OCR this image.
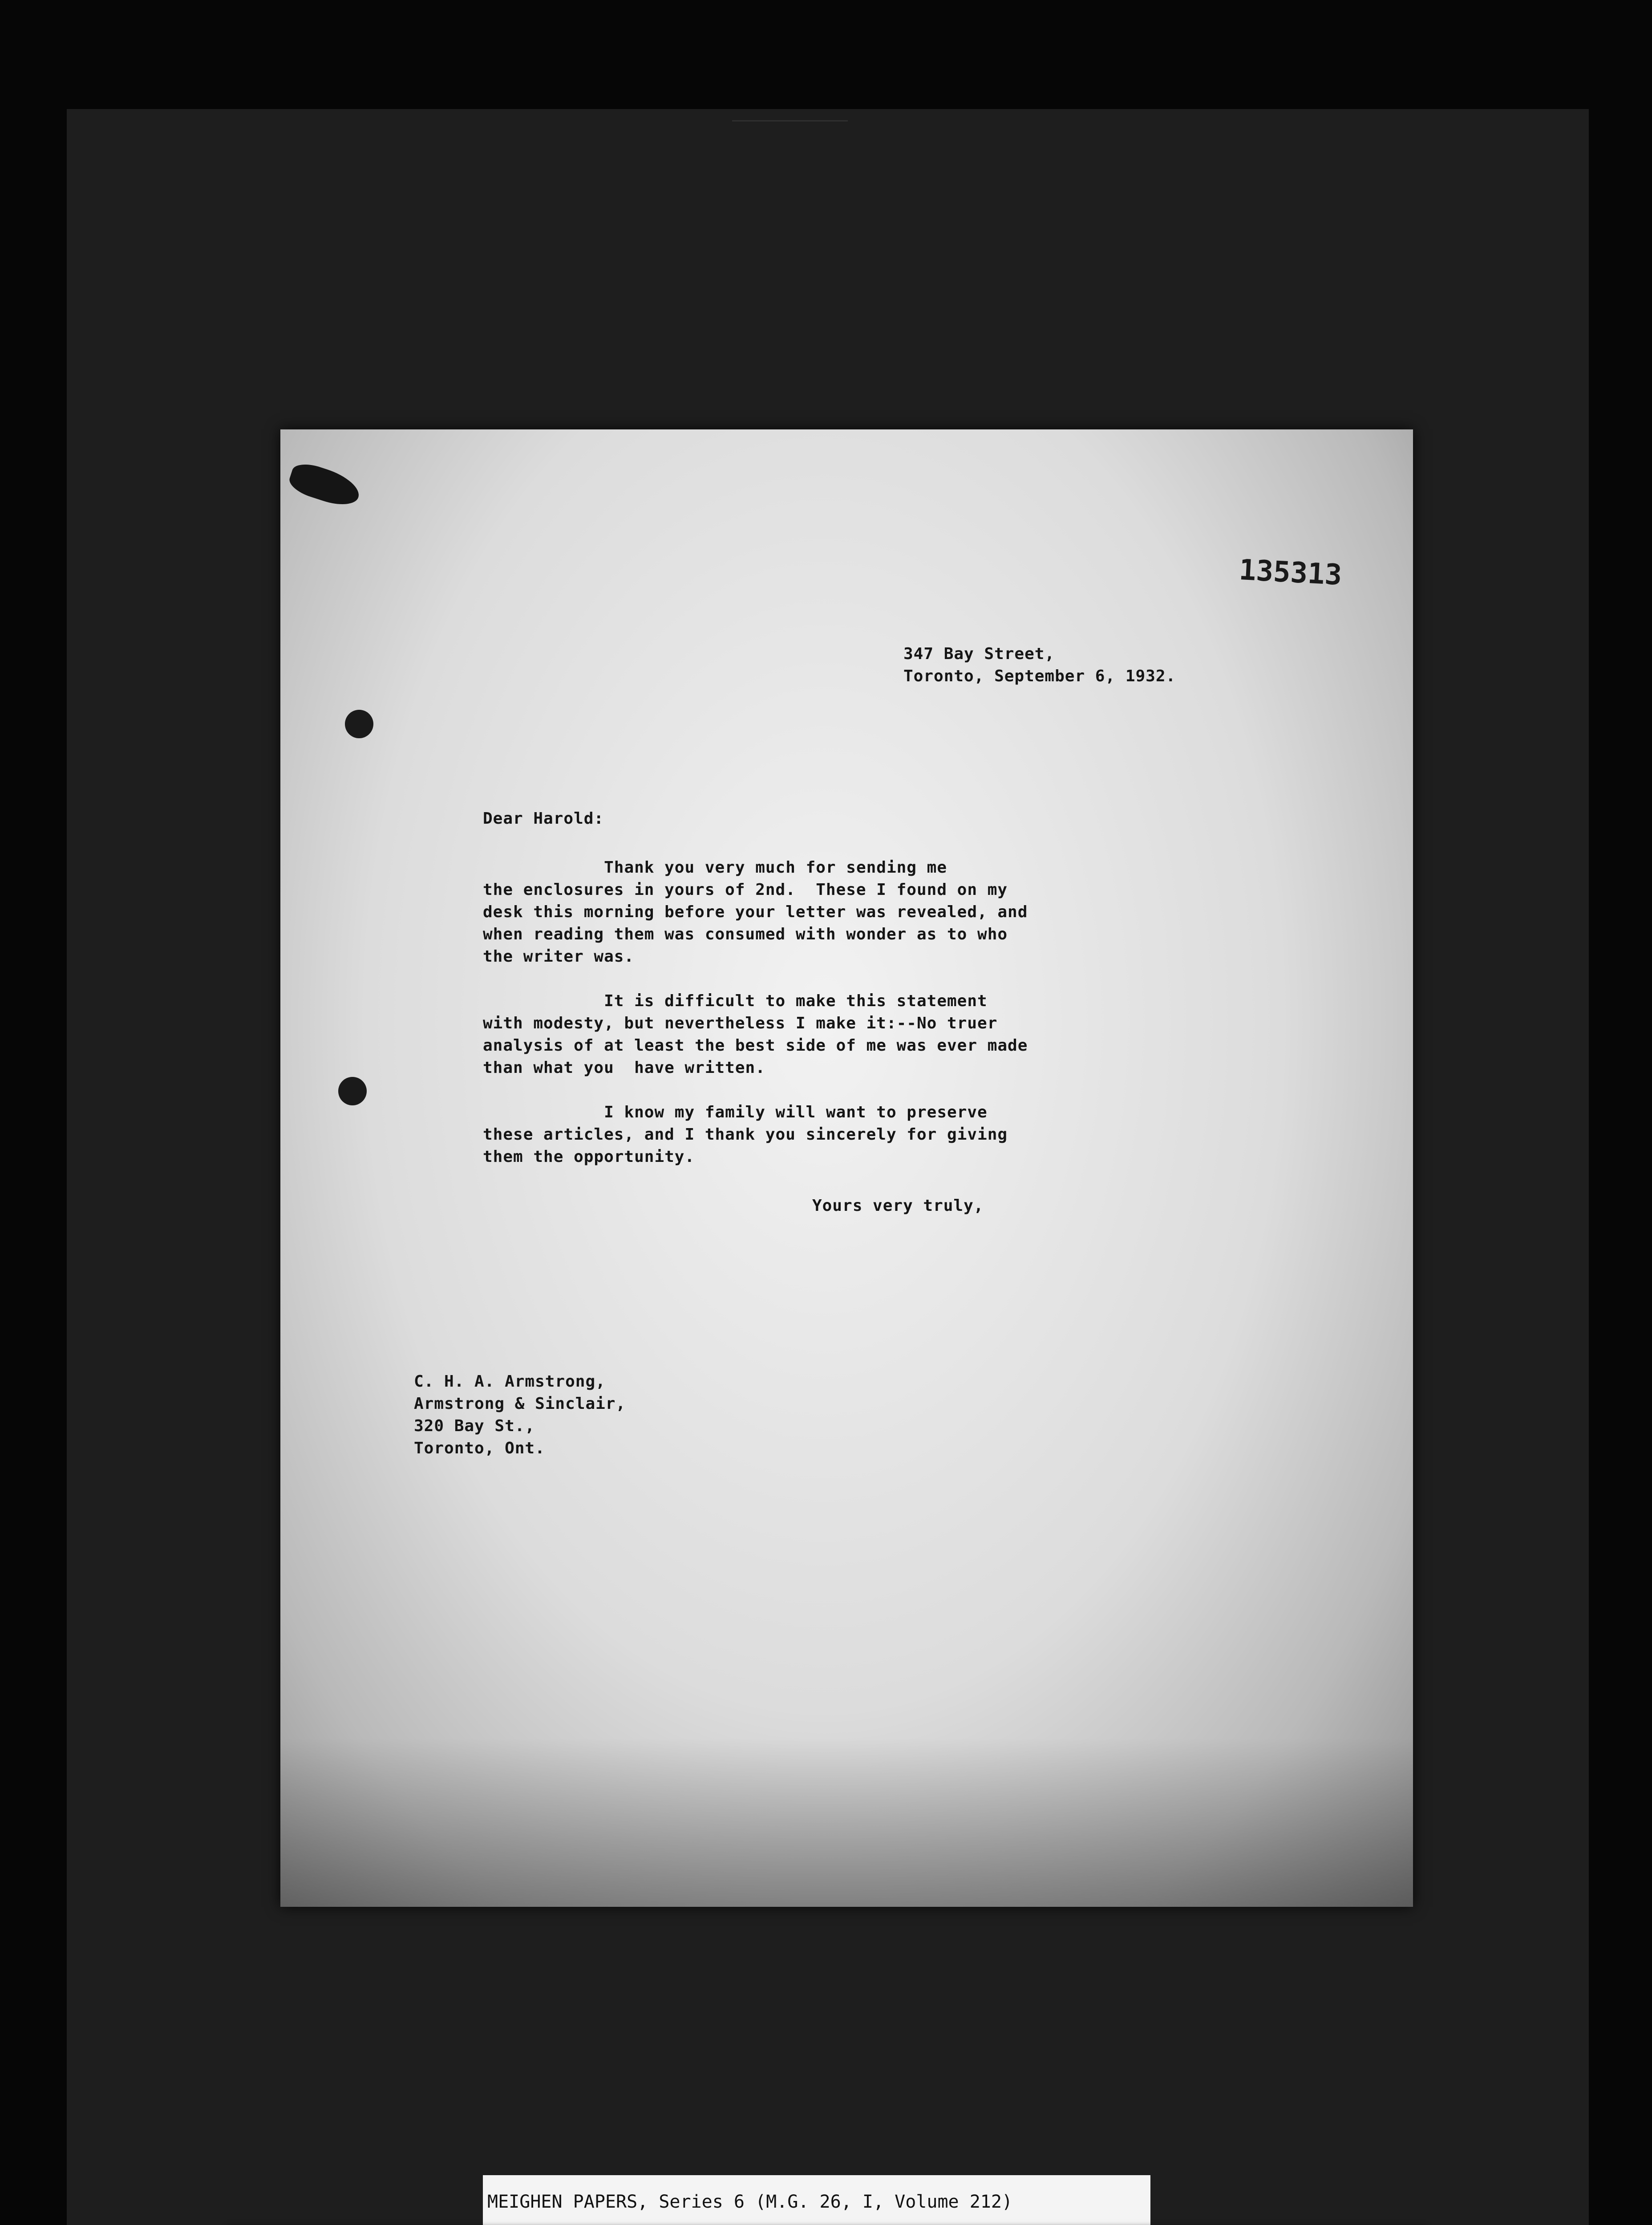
135313
347 Bay Street,
Toronto, September 6, 1932.
Dear Harold:

Thank you very much for sending me
the enclosures in yours of 2nd.  These I found on my
desk this morning before your letter was revealed, and
when reading them was consumed with wonder as to who
the writer was.

It is difficult to make this statement
with modesty, but nevertheless I make it:--No truer
analysis of at least the best side of me was ever made
than what you  have written.

I know my family will want to preserve
these articles, and I thank you sincerely for giving
them the opportunity.

Yours very truly,
C. H. A. Armstrong,
Armstrong & Sinclair,
320 Bay St.,
Toronto, Ont.
MEIGHEN PAPERS, Series 6 (M.G. 26, I, Volume 212)
